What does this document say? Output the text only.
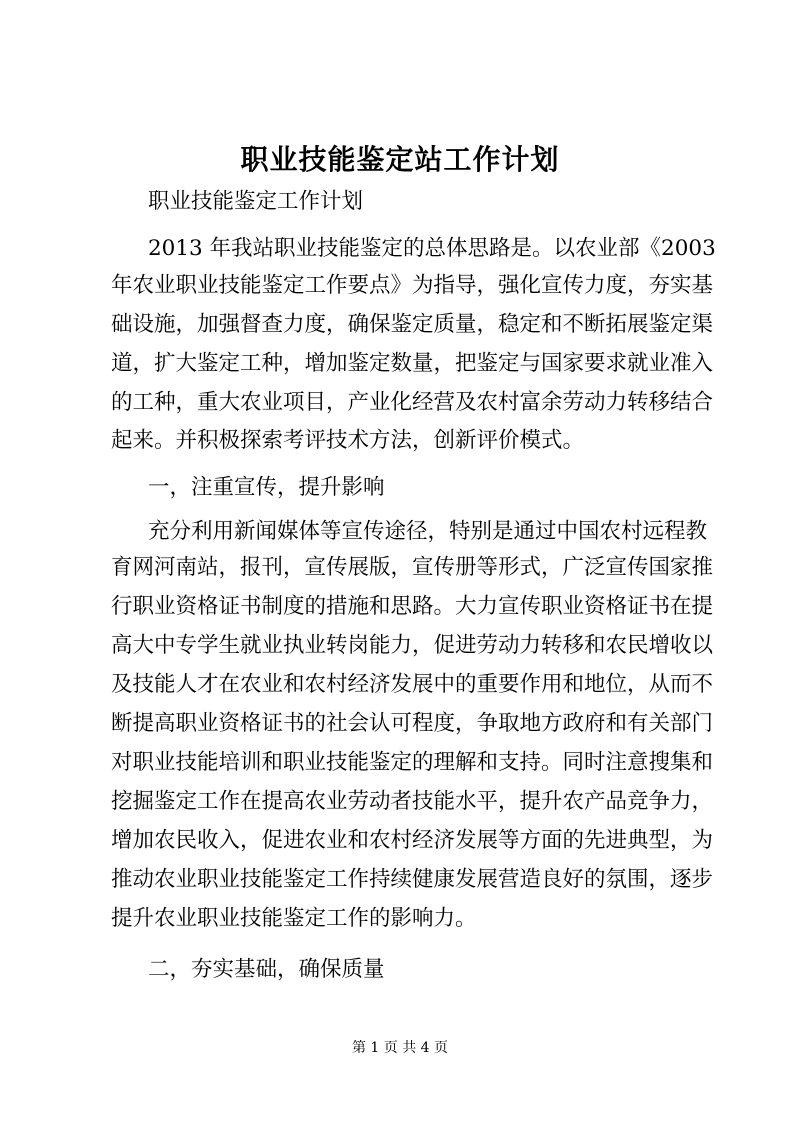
职业技能鉴定站工作计划
职业技能鉴定工作计划
2013 年我站职业技能鉴定的总体思路是。以农业部《2003
年农业职业技能鉴定工作要点》为指导，强化宣传力度，夯实基
础设施，加强督查力度，确保鉴定质量，稳定和不断拓展鉴定渠
道，扩大鉴定工种，增加鉴定数量，把鉴定与国家要求就业准入
的工种，重大农业项目，产业化经营及农村富余劳动力转移结合
起来。并积极探索考评技术方法，创新评价模式。
一，注重宣传，提升影响
充分利用新闻媒体等宣传途径，特别是通过中国农村远程教
育网河南站，报刊，宣传展版，宣传册等形式，广泛宣传国家推
行职业资格证书制度的措施和思路。大力宣传职业资格证书在提
高大中专学生就业执业转岗能力，促进劳动力转移和农民增收以
及技能人才在农业和农村经济发展中的重要作用和地位，从而不
断提高职业资格证书的社会认可程度，争取地方政府和有关部门
对职业技能培训和职业技能鉴定的理解和支持。同时注意搜集和
挖掘鉴定工作在提高农业劳动者技能水平，提升农产品竞争力，
增加农民收入，促进农业和农村经济发展等方面的先进典型，为
推动农业职业技能鉴定工作持续健康发展营造良好的氛围，逐步
提升农业职业技能鉴定工作的影响力。
二，夯实基础，确保质量
第 1 页 共 4 页
